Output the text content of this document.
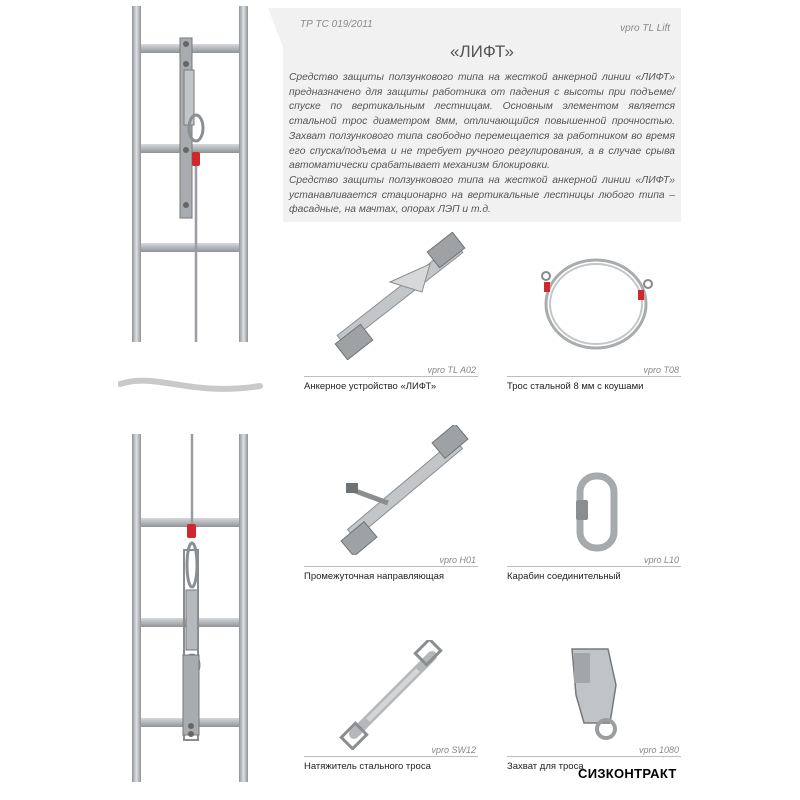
ТР ТС 019/2011	vpro TL Lift
«ЛИФТ»

Средство защиты ползункового типа на жесткой анкерной линии «ЛИФТ» предназначено для защиты работника от падения с высоты при подъеме/ спуске по вертикальным лестницам. Основным элементом является стальной трос диаметром 8мм, отличающийся повышенной прочностью. Захват ползункового типа свободно перемещается за работником во время его спуска/подъема и не требует ручного регулирования, а в случае срыва автоматически срабатывает механизм блокировки.

Средство защиты ползункового типа на жесткой анкерной линии «ЛИФТ» устанавливается стационарно на вертикальные лестницы любого типа – фасадные, на мачтах, опорах ЛЭП и т.д.

vpro TL A02
Анкерное устройство «ЛИФТ»
vpro T08
Трос стальной 8 мм с коушами
vpro H01
Промежуточная направляющая
vpro L10
Карабин соединительный
vpro SW12
Натяжитель стального троса
vpro 1080
Захват для троса
СИЗКОНТРАКТ
